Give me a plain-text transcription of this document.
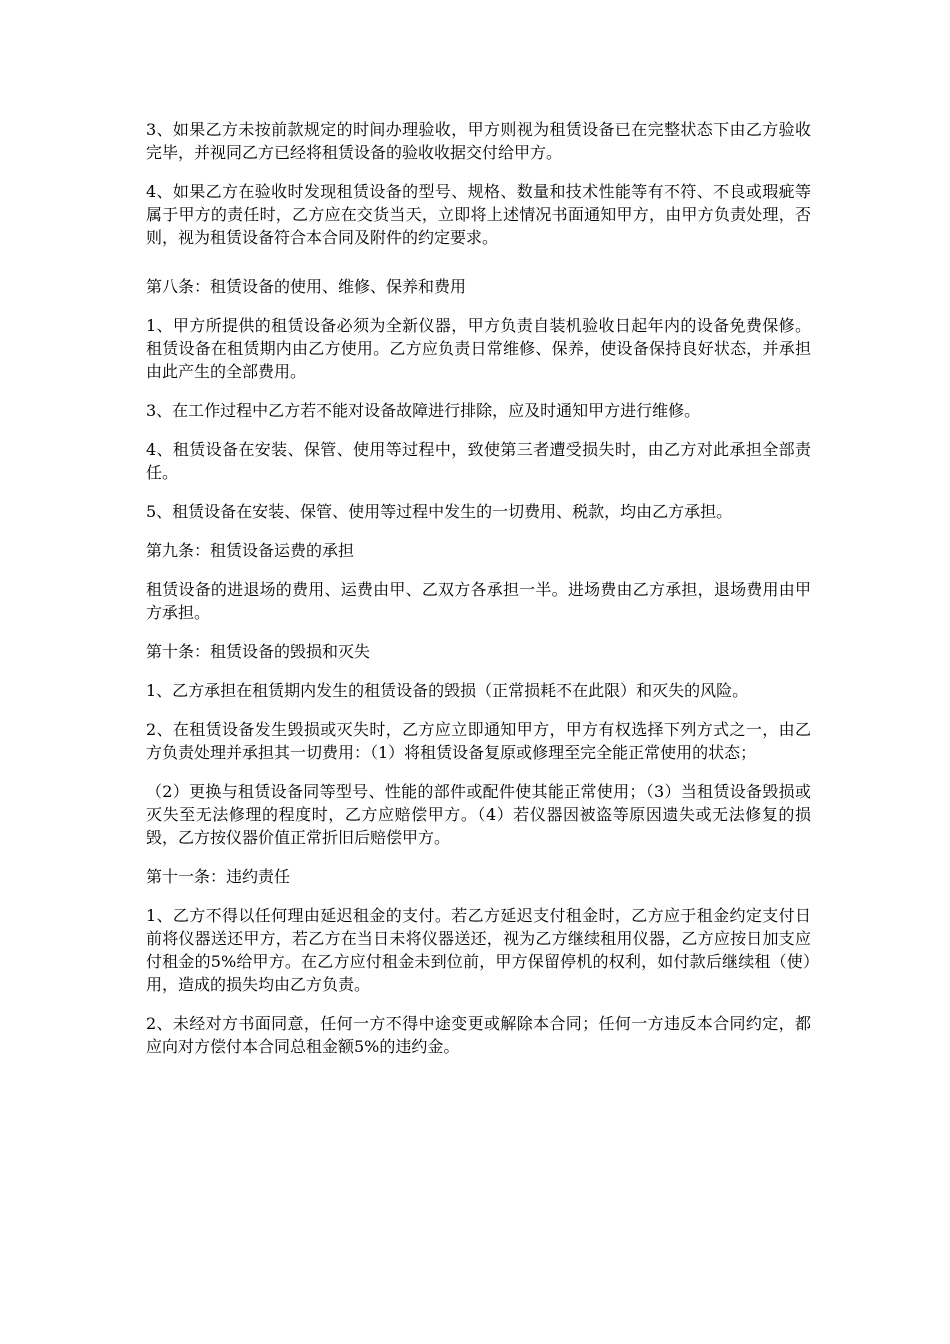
3、如果乙方未按前款规定的时间办理验收，甲方则视为租赁设备已在完整状态下由乙方验收完毕，并视同乙方已经将租赁设备的验收收据交付给甲方。

4、如果乙方在验收时发现租赁设备的型号、规格、数量和技术性能等有不符、不良或瑕疵等属于甲方的责任时，乙方应在交货当天，立即将上述情况书面通知甲方，由甲方负责处理，否则，视为租赁设备符合本合同及附件的约定要求。

第八条：租赁设备的使用、维修、保养和费用

1、甲方所提供的租赁设备必须为全新仪器，甲方负责自装机验收日起年内的设备免费保修。租赁设备在租赁期内由乙方使用。乙方应负责日常维修、保养，使设备保持良好状态，并承担由此产生的全部费用。

3、在工作过程中乙方若不能对设备故障进行排除，应及时通知甲方进行维修。

4、租赁设备在安装、保管、使用等过程中，致使第三者遭受损失时，由乙方对此承担全部责任。

5、租赁设备在安装、保管、使用等过程中发生的一切费用、税款，均由乙方承担。

第九条：租赁设备运费的承担

租赁设备的进退场的费用、运费由甲、乙双方各承担一半。进场费由乙方承担，退场费用由甲方承担。

第十条：租赁设备的毁损和灭失

1、乙方承担在租赁期内发生的租赁设备的毁损（正常损耗不在此限）和灭失的风险。

2、在租赁设备发生毁损或灭失时，乙方应立即通知甲方，甲方有权选择下列方式之一，由乙方负责处理并承担其一切费用：（1）将租赁设备复原或修理至完全能正常使用的状态；

（2）更换与租赁设备同等型号、性能的部件或配件使其能正常使用；（3）当租赁设备毁损或灭失至无法修理的程度时，乙方应赔偿甲方。（4）若仪器因被盗等原因遗失或无法修复的损毁，乙方按仪器价值正常折旧后赔偿甲方。

第十一条：违约责任

1、乙方不得以任何理由延迟租金的支付。若乙方延迟支付租金时，乙方应于租金约定支付日前将仪器送还甲方，若乙方在当日未将仪器送还，视为乙方继续租用仪器，乙方应按日加支应付租金的5%给甲方。在乙方应付租金未到位前，甲方保留停机的权利，如付款后继续租（使）用，造成的损失均由乙方负责。

2、未经对方书面同意，任何一方不得中途变更或解除本合同；任何一方违反本合同约定，都应向对方偿付本合同总租金额5%的违约金。
